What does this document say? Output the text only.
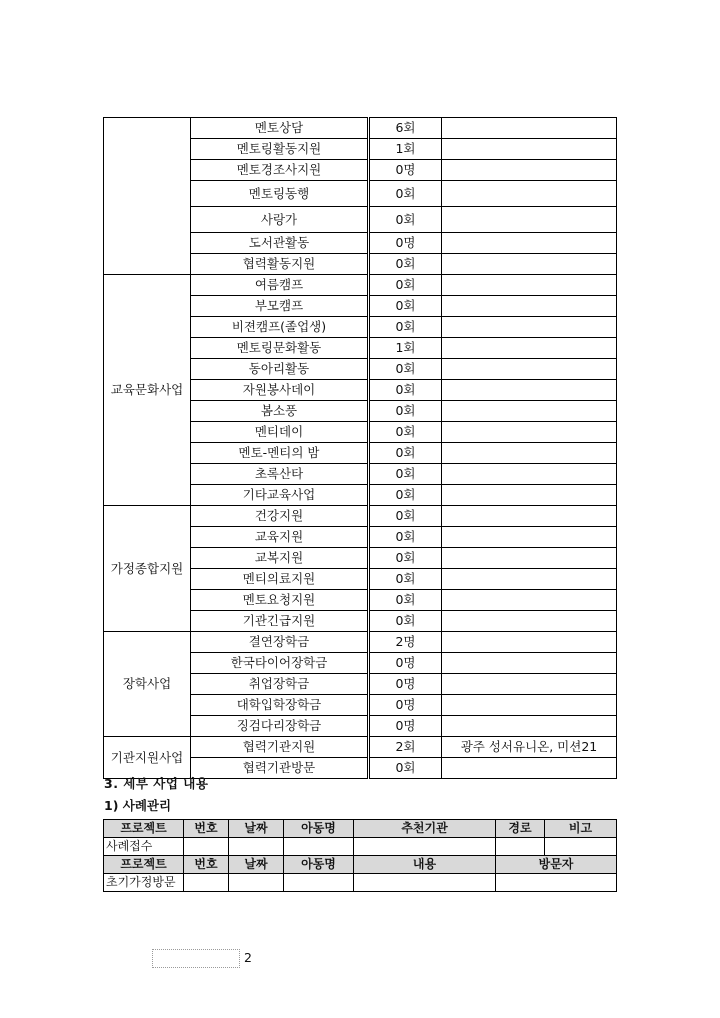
	멘토상담	6회	
	멘토링활동지원	1회	
	멘토경조사지원	0명	
	멘토링동행	0회	
	사랑가	0회	
	도서관활동	0명	
	협력활동지원	0회	
교육문화사업	여름캠프	0회	
	부모캠프	0회	
	비젼캠프(졸업생)	0회	
	멘토링문화활동	1회	
	동아리활동	0회	
	자원봉사데이	0회	
	봄소풍	0회	
	멘티데이	0회	
	멘토-멘티의 밤	0회	
	초록산타	0회	
	기타교육사업	0회	
가정종합지원	건강지원	0회	
	교육지원	0회	
	교복지원	0회	
	멘티의료지원	0회	
	멘토요청지원	0회	
	기관긴급지원	0회	
장학사업	결연장학금	2명	
	한국타이어장학금	0명	
	취업장학금	0명	
	대학입학장학금	0명	
	징검다리장학금	0명	
기관지원사업	협력기관지원	2회	광주 성서유니온, 미션21
	협력기관방문	0회	
3. 세부 사업 내용
1) 사례관리
프로젝트	번호	날짜	아동명	추천기관	경로	비고
사례접수						
프로젝트	번호	날짜	아동명	내용	방문자	
초기가정방문						
2
